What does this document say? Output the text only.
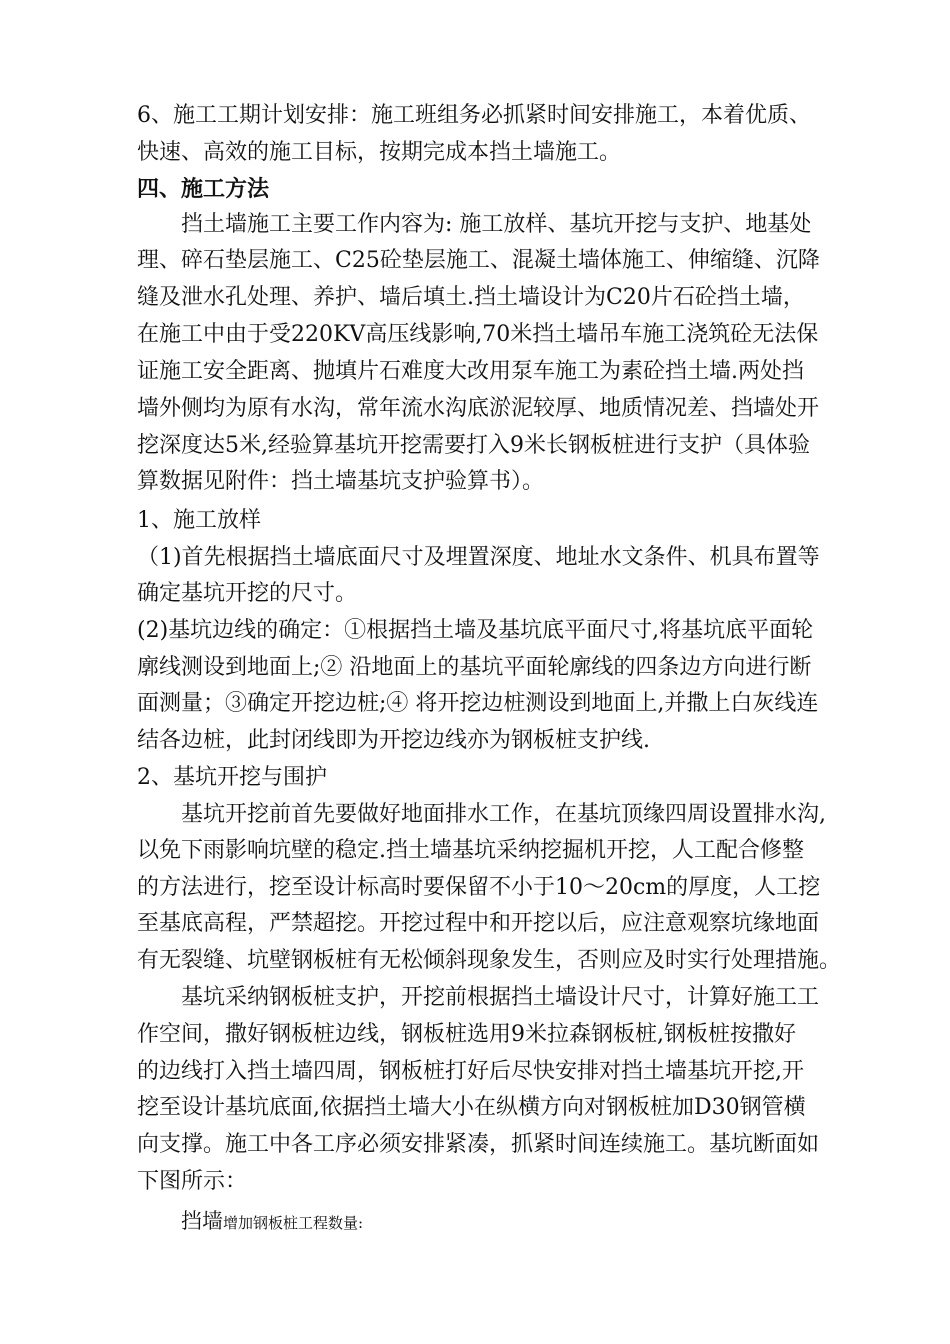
6、施工工期计划安排：施工班组务必抓紧时间安排施工，本着优质、
快速、高效的施工目标，按期完成本挡土墙施工。
四、施工方法
挡土墙施工主要工作内容为: 施工放样、基坑开挖与支护、地基处
理、碎石垫层施工、C25砼垫层施工、混凝土墙体施工、伸缩缝、沉降
缝及泄水孔处理、养护、墙后填土.挡土墙设计为C20片石砼挡土墙，
在施工中由于受220KV高压线影响,70米挡土墙吊车施工浇筑砼无法保
证施工安全距离、抛填片石难度大改用泵车施工为素砼挡土墙.两处挡
墙外侧均为原有水沟，常年流水沟底淤泥较厚、地质情况差、挡墙处开
挖深度达5米,经验算基坑开挖需要打入9米长钢板桩进行支护（具体验
算数据见附件：挡土墙基坑支护验算书）。
1、施工放样
（1)首先根据挡土墙底面尺寸及埋置深度、地址水文条件、机具布置等
确定基坑开挖的尺寸。
(2)基坑边线的确定：①根据挡土墙及基坑底平面尺寸,将基坑底平面轮
廓线测设到地面上;② 沿地面上的基坑平面轮廓线的四条边方向进行断
面测量；③确定开挖边桩;④ 将开挖边桩测设到地面上,并撒上白灰线连
结各边桩，此封闭线即为开挖边线亦为钢板桩支护线.
2、基坑开挖与围护
基坑开挖前首先要做好地面排水工作，在基坑顶缘四周设置排水沟,
以免下雨影响坑壁的稳定.挡土墙基坑采纳挖掘机开挖，人工配合修整
的方法进行，挖至设计标高时要保留不小于10～20cm的厚度，人工挖
至基底高程，严禁超挖。开挖过程中和开挖以后，应注意观察坑缘地面
有无裂缝、坑壁钢板桩有无松倾斜现象发生，否则应及时实行处理措施。
基坑采纳钢板桩支护，开挖前根据挡土墙设计尺寸，计算好施工工
作空间，撒好钢板桩边线，钢板桩选用9米拉森钢板桩,钢板桩按撒好
的边线打入挡土墙四周，钢板桩打好后尽快安排对挡土墙基坑开挖,开
挖至设计基坑底面,依据挡土墙大小在纵横方向对钢板桩加D30钢管横
向支撑。施工中各工序必须安排紧凑，抓紧时间连续施工。基坑断面如
下图所示：
挡墙增加钢板桩工程数量:
